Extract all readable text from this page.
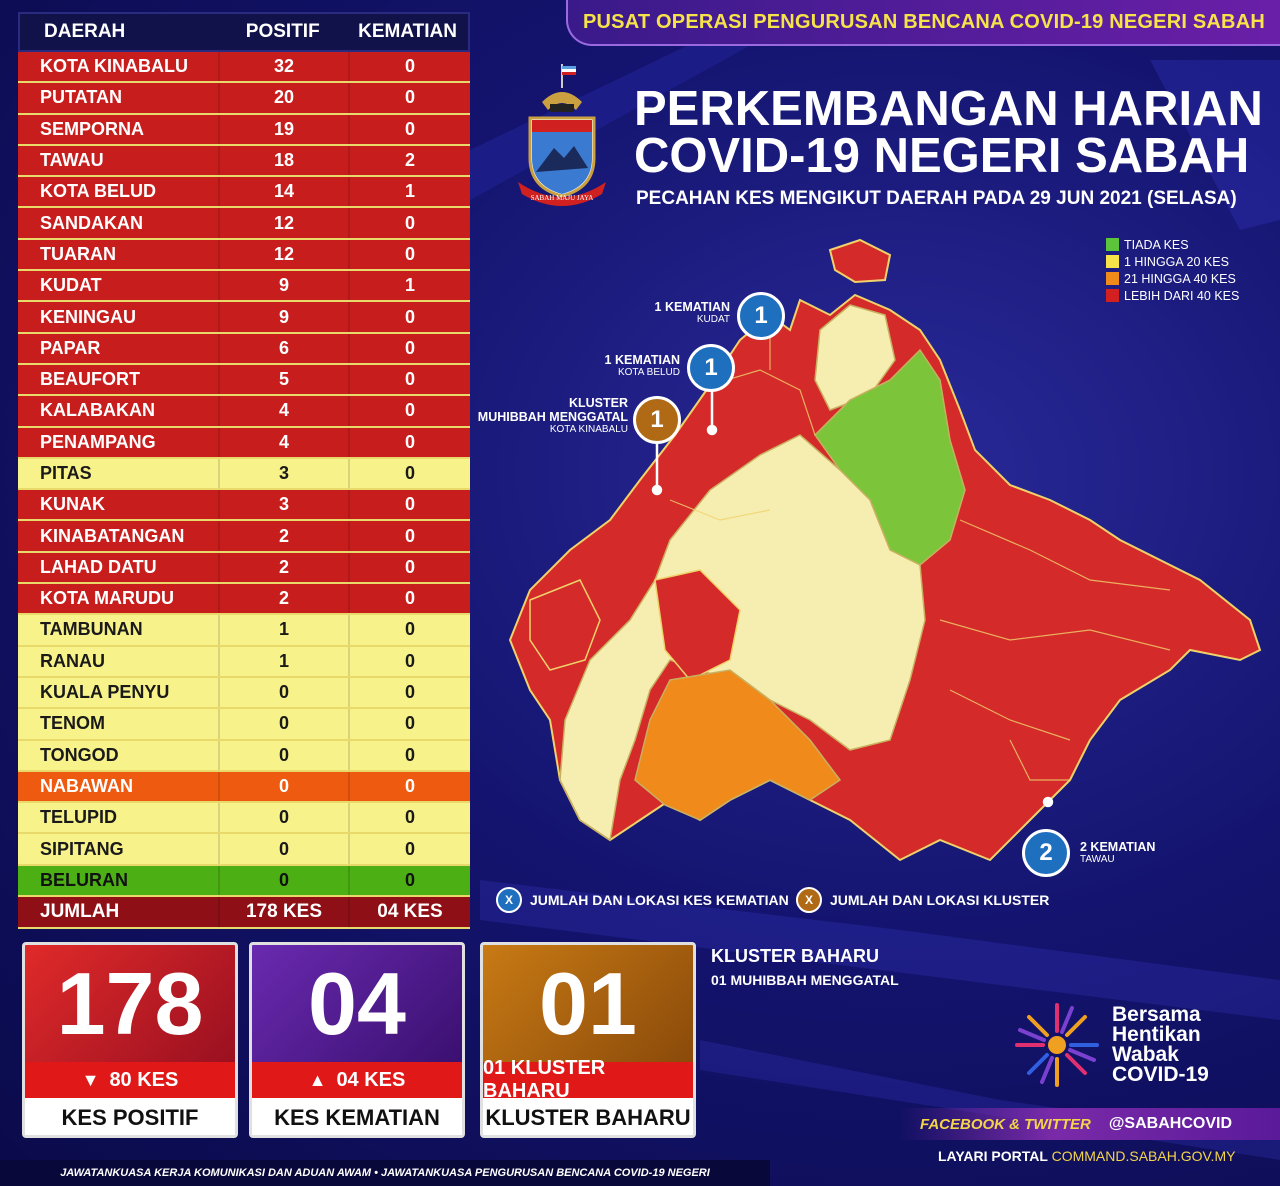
DAERAH	POSITIF	KEMATIAN
KOTA KINABALU	32	0
PUTATAN	20	0
SEMPORNA	19	0
TAWAU	18	2
KOTA BELUD	14	1
SANDAKAN	12	0
TUARAN	12	0
KUDAT	9	1
KENINGAU	9	0
PAPAR	6	0
BEAUFORT	5	0
KALABAKAN	4	0
PENAMPANG	4	0
PITAS	3	0
KUNAK	3	0
KINABATANGAN	2	0
LAHAD DATU	2	0
KOTA MARUDU	2	0
TAMBUNAN	1	0
RANAU	1	0
KUALA PENYU	0	0
TENOM	0	0
TONGOD	0	0
NABAWAN	0	0
TELUPID	0	0
SIPITANG	0	0
BELURAN	0	0
JUMLAH	178 KES	04 KES
PUSAT OPERASI PENGURUSAN BENCANA COVID-19 NEGERI SABAH
SABAH MAJU JAYA
PERKEMBANGAN HARIAN
COVID-19 NEGERI SABAH
PECAHAN KES MENGIKUT DAERAH PADA 29 JUN 2021 (SELASA)
TIADA KES
1 HINGGA 20 KES
21 HINGGA 40 KES
LEBIH DARI 40 KES
1 KEMATIAN
KUDAT	1
1 KEMATIAN
KOTA BELUD	1
KLUSTER
MUHIBBAH MENGGATAL
KOTA KINABALU 1
2	2 KEMATIAN
TAWAU
X	JUMLAH DAN LOKASI KES KEMATIAN	X	JUMLAH DAN LOKASI KLUSTER
178
▼ 80 KES
KES POSITIF
04
▲ 04 KES
KES KEMATIAN
01
01 KLUSTER BAHARU
KLUSTER BAHARU
KLUSTER BAHARU
01 MUHIBBAH MENGGATAL
Bersama
Hentikan
Wabak
COVID-19
FACEBOOK & TWITTER @SABAHCOVID
LAYARI PORTAL COMMAND.SABAH.GOV.MY
JAWATANKUASA KERJA KOMUNIKASI DAN ADUAN AWAM • JAWATANKUASA PENGURUSAN BENCANA COVID-19 NEGERI
